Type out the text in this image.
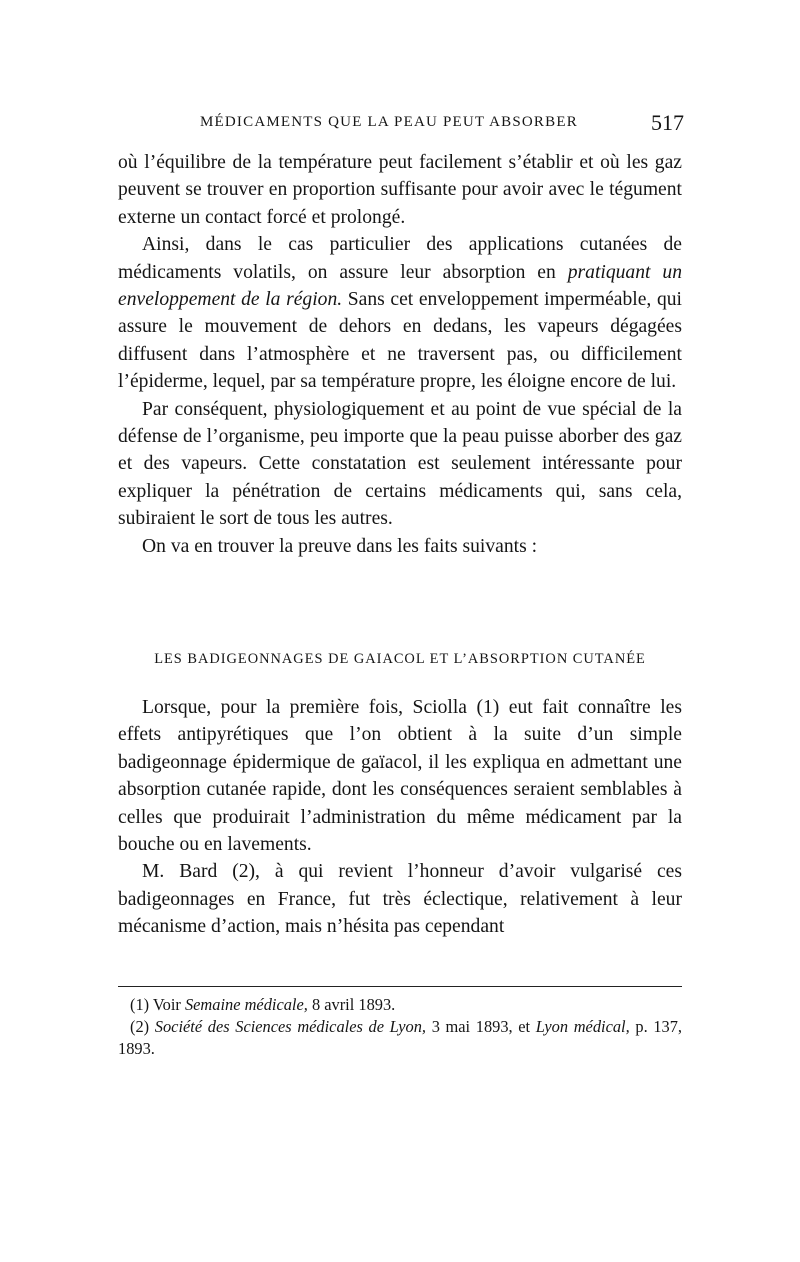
MÉDICAMENTS QUE LA PEAU PEUT ABSORBER	517

où l’équilibre de la température peut facilement s’établir et où les gaz peuvent se trouver en proportion suffisante pour avoir avec le tégument externe un contact forcé et prolongé.

Ainsi, dans le cas particulier des applications cutanées de médicaments volatils, on assure leur absorption en pratiquant un enveloppement de la région. Sans cet enveloppement imperméable, qui assure le mouvement de dehors en dedans, les vapeurs dégagées diffusent dans l’atmosphère et ne traversent pas, ou difficilement l’épiderme, lequel, par sa température propre, les éloigne encore de lui.

Par conséquent, physiologiquement et au point de vue spécial de la défense de l’organisme, peu importe que la peau puisse aborber des gaz et des vapeurs. Cette constatation est seulement intéressante pour expliquer la pénétration de certains médicaments qui, sans cela, subiraient le sort de tous les autres.

On va en trouver la preuve dans les faits suivants :

LES BADIGEONNAGES DE GAIACOL ET L’ABSORPTION CUTANÉE

Lorsque, pour la première fois, Sciolla (1) eut fait connaître les effets antipyrétiques que l’on obtient à la suite d’un simple badigeonnage épidermique de gaïacol, il les expliqua en admettant une absorption cutanée rapide, dont les conséquences seraient semblables à celles que produirait l’administration du même médicament par la bouche ou en lavements.

M. Bard (2), à qui revient l’honneur d’avoir vulgarisé ces badigeonnages en France, fut très éclectique, relativement à leur mécanisme d’action, mais n’hésita pas cependant

(1) Voir Semaine médicale, 8 avril 1893.

(2) Société des Sciences médicales de Lyon, 3 mai 1893, et Lyon médical, p. 137, 1893.
